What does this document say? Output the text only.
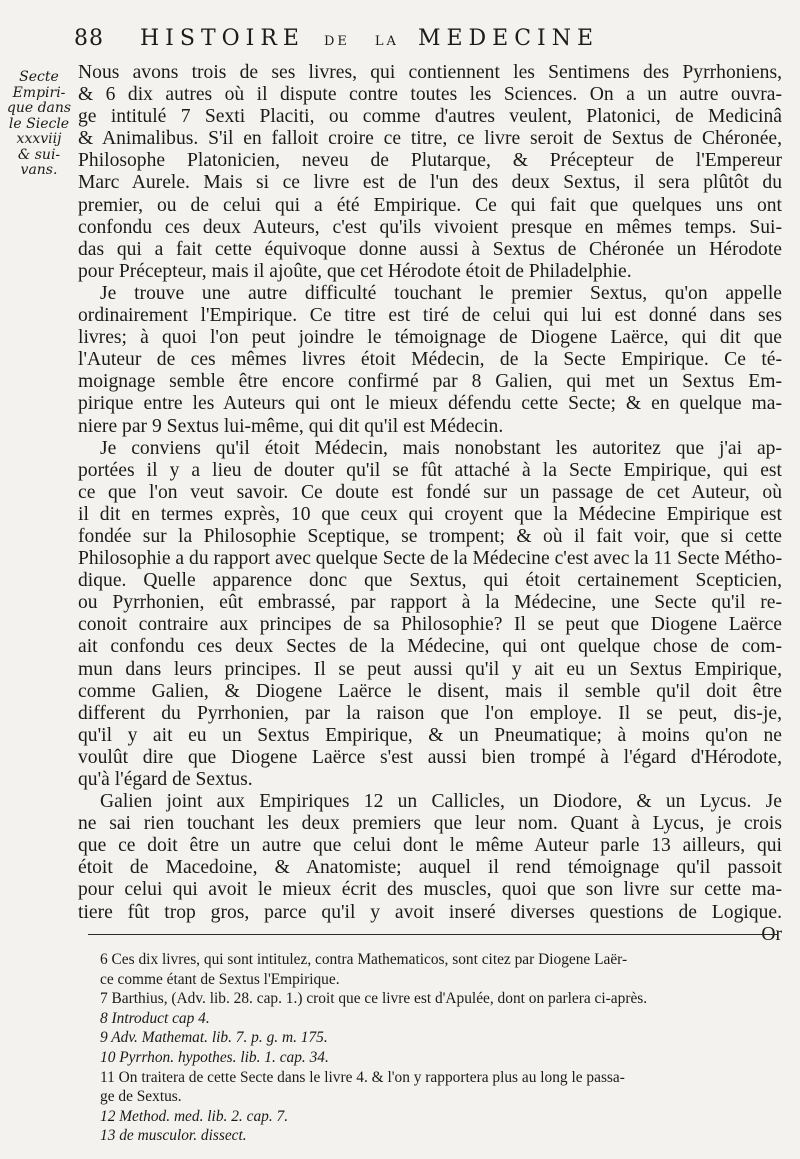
88 HISTOIRE DE LA MEDECINE
Secte
Empiri-
que dans
le Siecle
xxxviij
& sui-
vans.
Nous avons trois de ses livres, qui contiennent les Sentimens des Pyrrhoniens,
& 6 dix autres où il dispute contre toutes les Sciences. On a un autre ouvra-
ge intitulé 7 Sexti Placiti, ou comme d'autres veulent, Platonici, de Medicinâ
& Animalibus. S'il en falloit croire ce titre, ce livre seroit de Sextus de Chéronée,
Philosophe Platonicien, neveu de Plutarque, & Précepteur de l'Empereur
Marc Aurele. Mais si ce livre est de l'un des deux Sextus, il sera plûtôt du
premier, ou de celui qui a été Empirique. Ce qui fait que quelques uns ont
confondu ces deux Auteurs, c'est qu'ils vivoient presque en mêmes temps. Sui-
das qui a fait cette équivoque donne aussi à Sextus de Chéronée un Hérodote
pour Précepteur, mais il ajoûte, que cet Hérodote étoit de Philadelphie.
Je trouve une autre difficulté touchant le premier Sextus, qu'on appelle
ordinairement l'Empirique. Ce titre est tiré de celui qui lui est donné dans ses
livres; à quoi l'on peut joindre le témoignage de Diogene Laërce, qui dit que
l'Auteur de ces mêmes livres étoit Médecin, de la Secte Empirique. Ce té-
moignage semble être encore confirmé par 8 Galien, qui met un Sextus Em-
pirique entre les Auteurs qui ont le mieux défendu cette Secte; & en quelque ma-
niere par 9 Sextus lui-même, qui dit qu'il est Médecin.
Je conviens qu'il étoit Médecin, mais nonobstant les autoritez que j'ai ap-
portées il y a lieu de douter qu'il se fût attaché à la Secte Empirique, qui est
ce que l'on veut savoir. Ce doute est fondé sur un passage de cet Auteur, où
il dit en termes exprès, 10 que ceux qui croyent que la Médecine Empirique est
fondée sur la Philosophie Sceptique, se trompent; & où il fait voir, que si cette
Philosophie a du rapport avec quelque Secte de la Médecine c'est avec la 11 Secte Métho-
dique. Quelle apparence donc que Sextus, qui étoit certainement Scepticien,
ou Pyrrhonien, eût embrassé, par rapport à la Médecine, une Secte qu'il re-
conoit contraire aux principes de sa Philosophie? Il se peut que Diogene Laërce
ait confondu ces deux Sectes de la Médecine, qui ont quelque chose de com-
mun dans leurs principes. Il se peut aussi qu'il y ait eu un Sextus Empirique,
comme Galien, & Diogene Laërce le disent, mais il semble qu'il doit être
different du Pyrrhonien, par la raison que l'on employe. Il se peut, dis-je,
qu'il y ait eu un Sextus Empirique, & un Pneumatique; à moins qu'on ne
voulût dire que Diogene Laërce s'est aussi bien trompé à l'égard d'Hérodote,
qu'à l'égard de Sextus.
Galien joint aux Empiriques 12 un Callicles, un Diodore, & un Lycus. Je
ne sai rien touchant les deux premiers que leur nom. Quant à Lycus, je crois
que ce doit être un autre que celui dont le même Auteur parle 13 ailleurs, qui
étoit de Macedoine, & Anatomiste; auquel il rend témoignage qu'il passoit
pour celui qui avoit le mieux écrit des muscles, quoi que son livre sur cette ma-
tiere fût trop gros, parce qu'il y avoit inseré diverses questions de Logique.
Or
6 Ces dix livres, qui sont intitulez, contra Mathematicos, sont citez par Diogene Laër-
ce comme étant de Sextus l'Empirique.
7 Barthius, (Adv. lib. 28. cap. 1.) croit que ce livre est d'Apulée, dont on parlera ci-après.
8 Introduct cap 4.
9 Adv. Mathemat. lib. 7. p. g. m. 175.
10 Pyrrhon. hypothes. lib. 1. cap. 34.
11 On traitera de cette Secte dans le livre 4. & l'on y rapportera plus au long le passa-
ge de Sextus.
12 Method. med. lib. 2. cap. 7.
13 de musculor. dissect.
